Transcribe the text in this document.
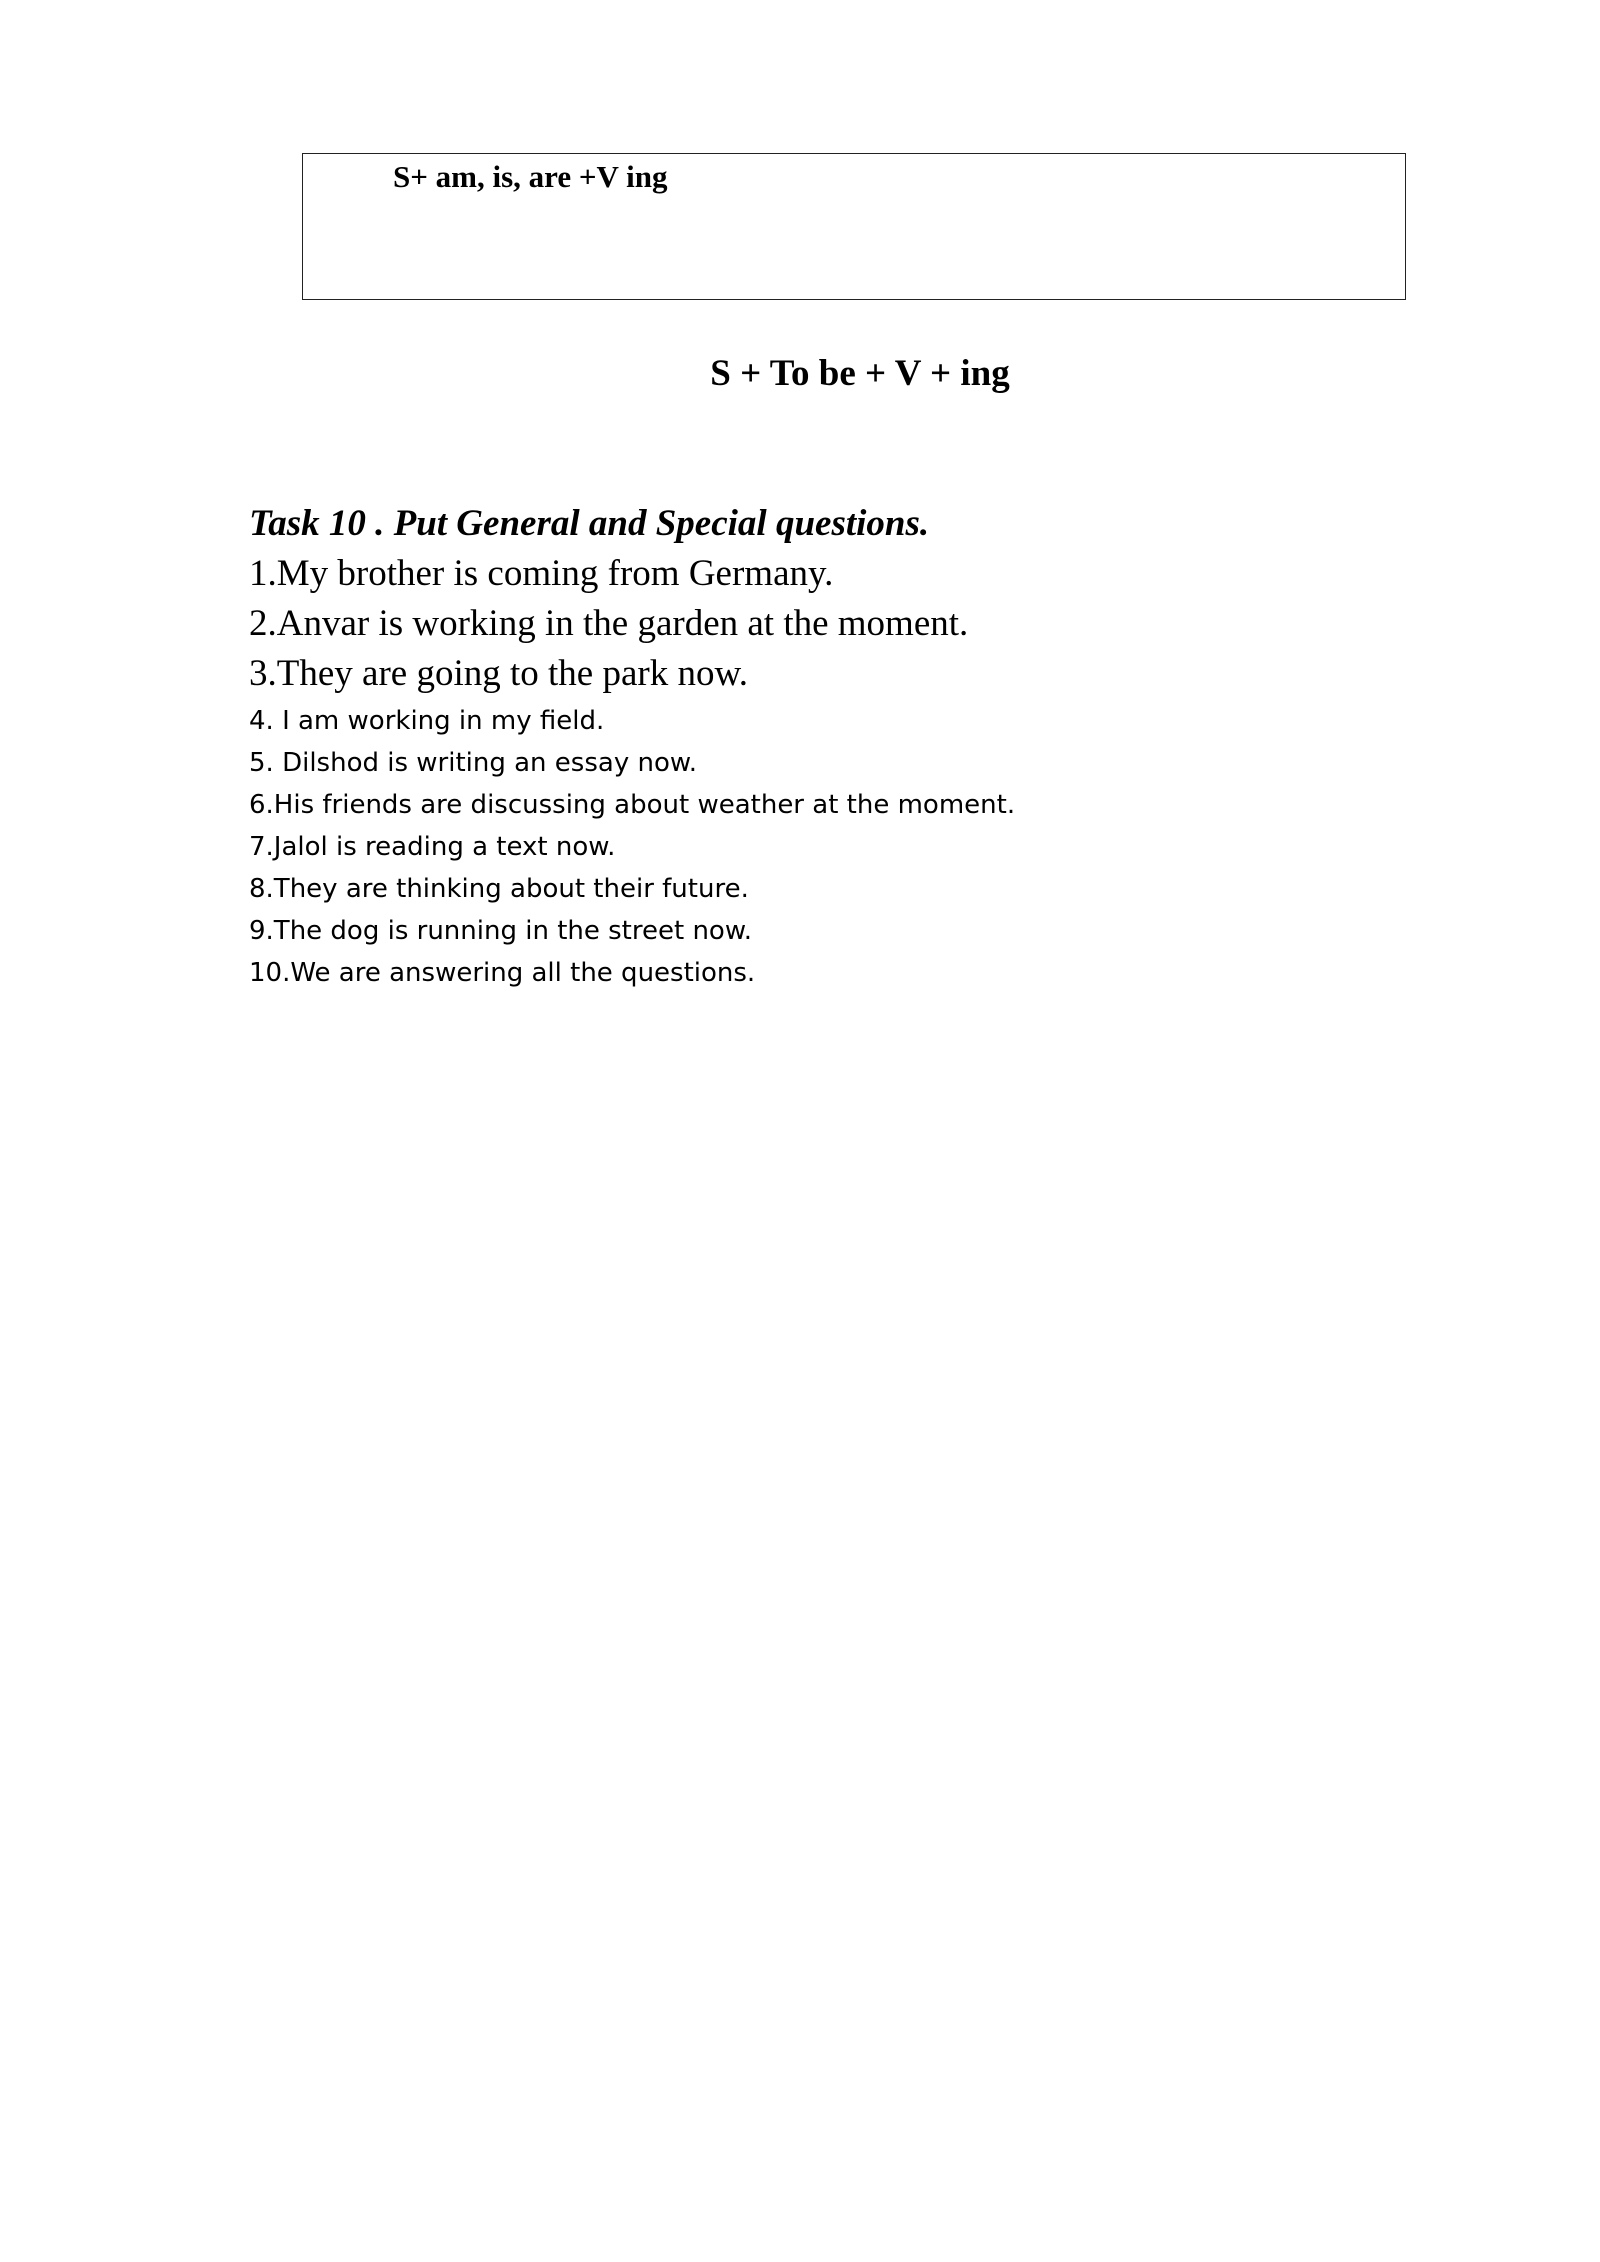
S+ am, is, are +V ing
S + To be + V + ing
Task 10 . Put General and Special questions.
1.My brother is coming from Germany.
2.Anvar is working in the garden at the moment.
3.They are going to the park now.
4. I am working in my field.
5. Dilshod is writing an essay now.
6.His friends are discussing about weather at the moment.
7.Jalol is reading a text now.
8.They are thinking about their future.
9.The dog is running in the street now.
10.We are answering all the questions.
